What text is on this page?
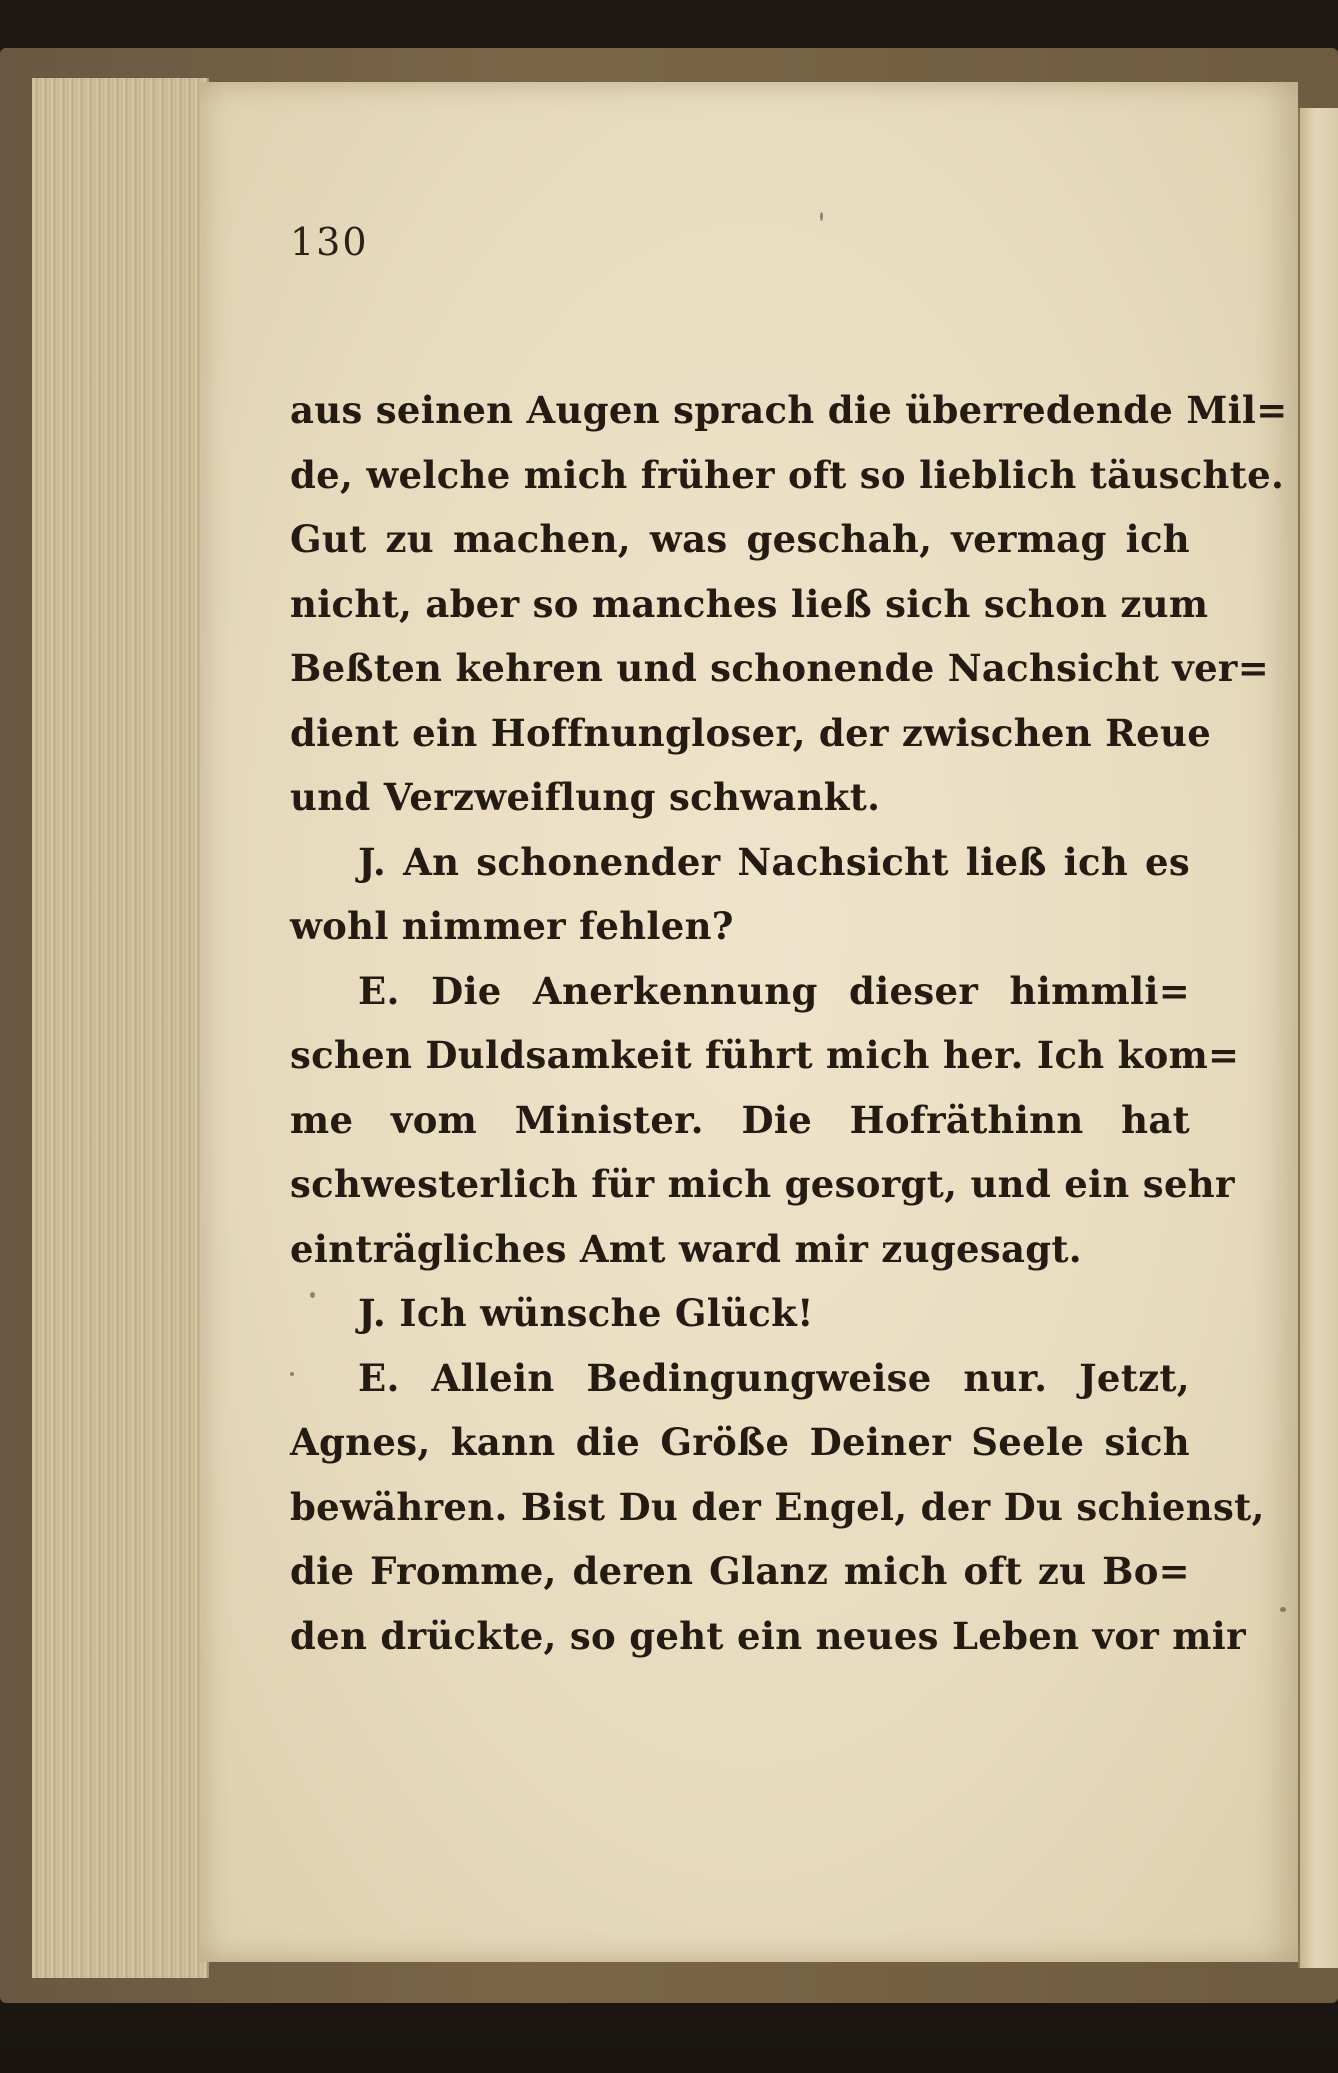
130
aus seinen Augen sprach die überredende Mil=
de, welche mich früher oft so lieblich täuschte.
Gut zu machen, was geschah, vermag ich
nicht, aber so manches ließ sich schon zum
Beßten kehren und schonende Nachsicht ver=
dient ein Hoffnungloser, der zwischen Reue
und Verzweiflung schwankt.
J. An schonender Nachsicht ließ ich es
wohl nimmer fehlen?
E. Die Anerkennung dieser himmli=
schen Duldsamkeit führt mich her. Ich kom=
me vom Minister. Die Hofräthinn hat
schwesterlich für mich gesorgt, und ein sehr
einträgliches Amt ward mir zugesagt.
J. Ich wünsche Glück!
E. Allein Bedingungweise nur. Jetzt,
Agnes, kann die Größe Deiner Seele sich
bewähren. Bist Du der Engel, der Du schienst,
die Fromme, deren Glanz mich oft zu Bo=
den drückte, so geht ein neues Leben vor mir
